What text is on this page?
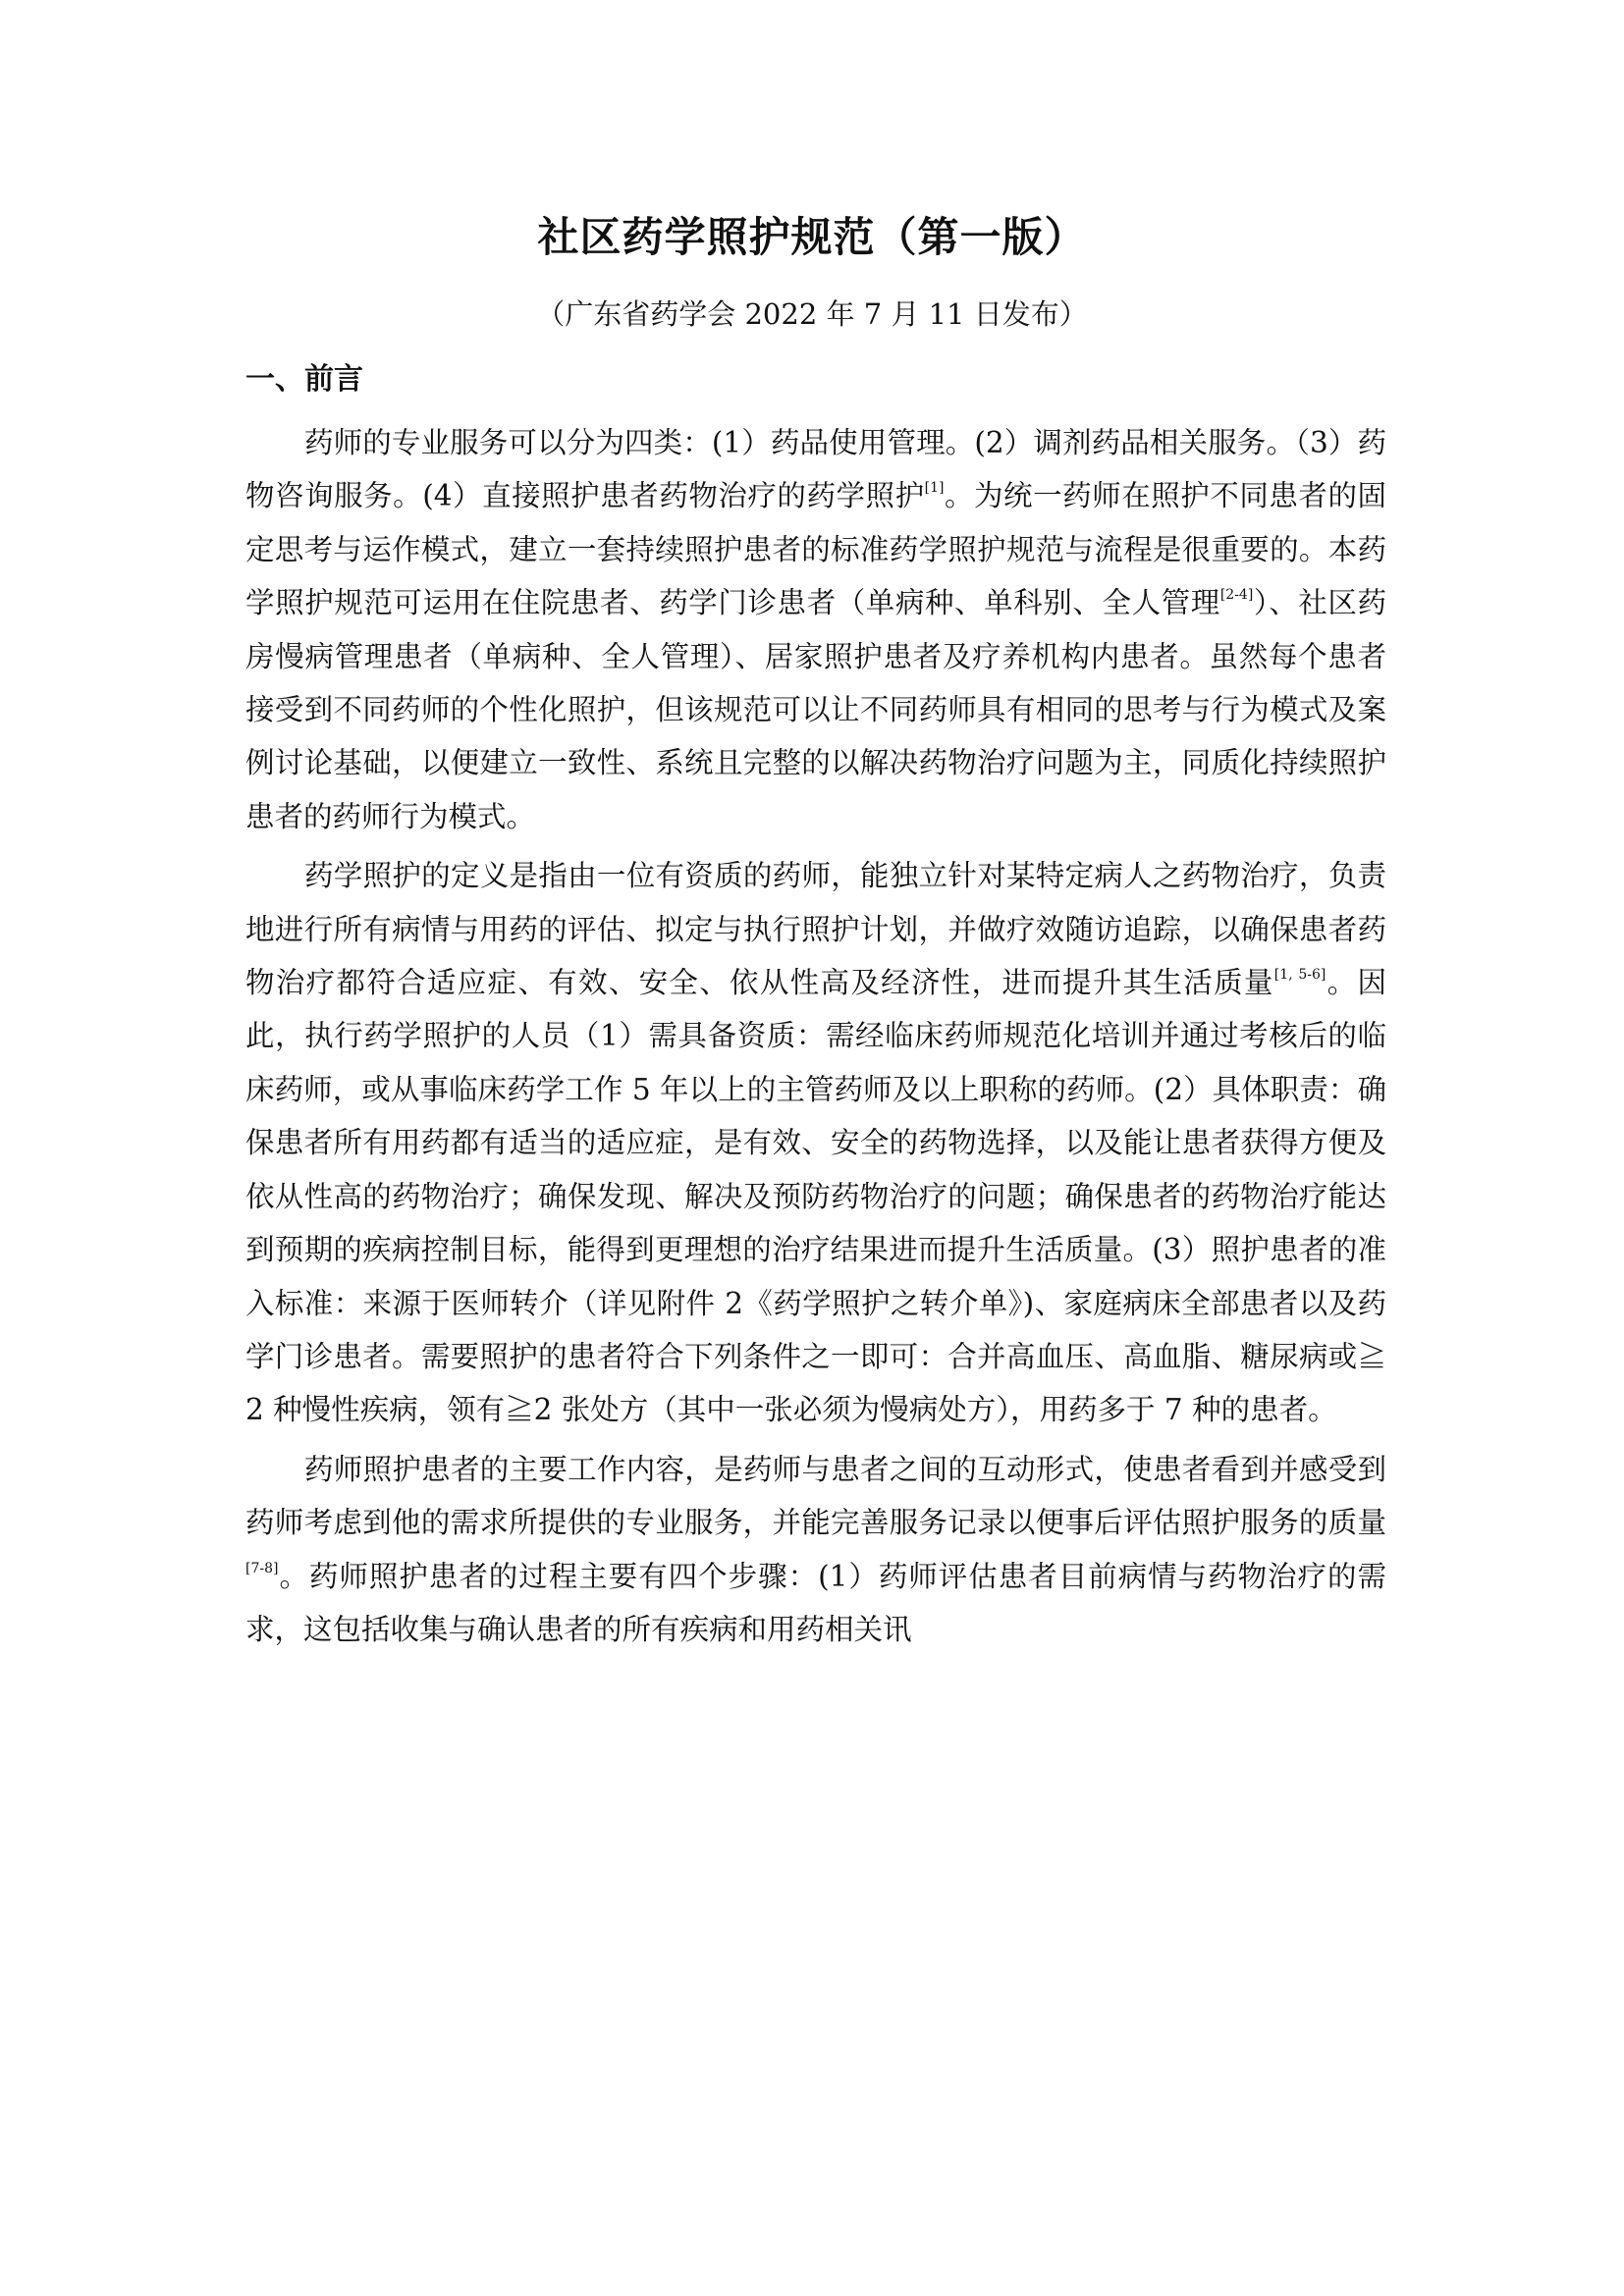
社区药学照护规范（第一版）

（广东省药学会 2022 年 7 月 11 日发布）

一、前言

药师的专业服务可以分为四类：(1）药品使用管理。(2）调剂药品相关服务。（3）药物咨询服务。(4）直接照护患者药物治疗的药学照护[1]。为统一药师在照护不同患者的固定思考与运作模式，建立一套持续照护患者的标准药学照护规范与流程是很重要的。本药学照护规范可运用在住院患者、药学门诊患者（单病种、单科别、全人管理[2-4]）、社区药房慢病管理患者（单病种、全人管理）、居家照护患者及疗养机构内患者。虽然每个患者接受到不同药师的个性化照护，但该规范可以让不同药师具有相同的思考与行为模式及案例讨论基础，以便建立一致性、系统且完整的以解决药物治疗问题为主，同质化持续照护患者的药师行为模式。

药学照护的定义是指由一位有资质的药师，能独立针对某特定病人之药物治疗，负责地进行所有病情与用药的评估、拟定与执行照护计划，并做疗效随访追踪，以确保患者药物治疗都符合适应症、有效、安全、依从性高及经济性，进而提升其生活质量[1, 5-6]。因此，执行药学照护的人员（1）需具备资质：需经临床药师规范化培训并通过考核后的临床药师，或从事临床药学工作 5 年以上的主管药师及以上职称的药师。(2）具体职责：确保患者所有用药都有适当的适应症，是有效、安全的药物选择，以及能让患者获得方便及依从性高的药物治疗；确保发现、解决及预防药物治疗的问题；确保患者的药物治疗能达到预期的疾病控制目标，能得到更理想的治疗结果进而提升生活质量。(3）照护患者的准入标准：来源于医师转介（详见附件 2《药学照护之转介单》)、家庭病床全部患者以及药学门诊患者。需要照护的患者符合下列条件之一即可：合并高血压、高血脂、糖尿病或≧2 种慢性疾病，领有≧2 张处方（其中一张必须为慢病处方），用药多于 7 种的患者。

药师照护患者的主要工作内容，是药师与患者之间的互动形式，使患者看到并感受到药师考虑到他的需求所提供的专业服务，并能完善服务记录以便事后评估照护服务的质量[7-8]。药师照护患者的过程主要有四个步骤：(1）药师评估患者目前病情与药物治疗的需求，这包括收集与确认患者的所有疾病和用药相关讯
